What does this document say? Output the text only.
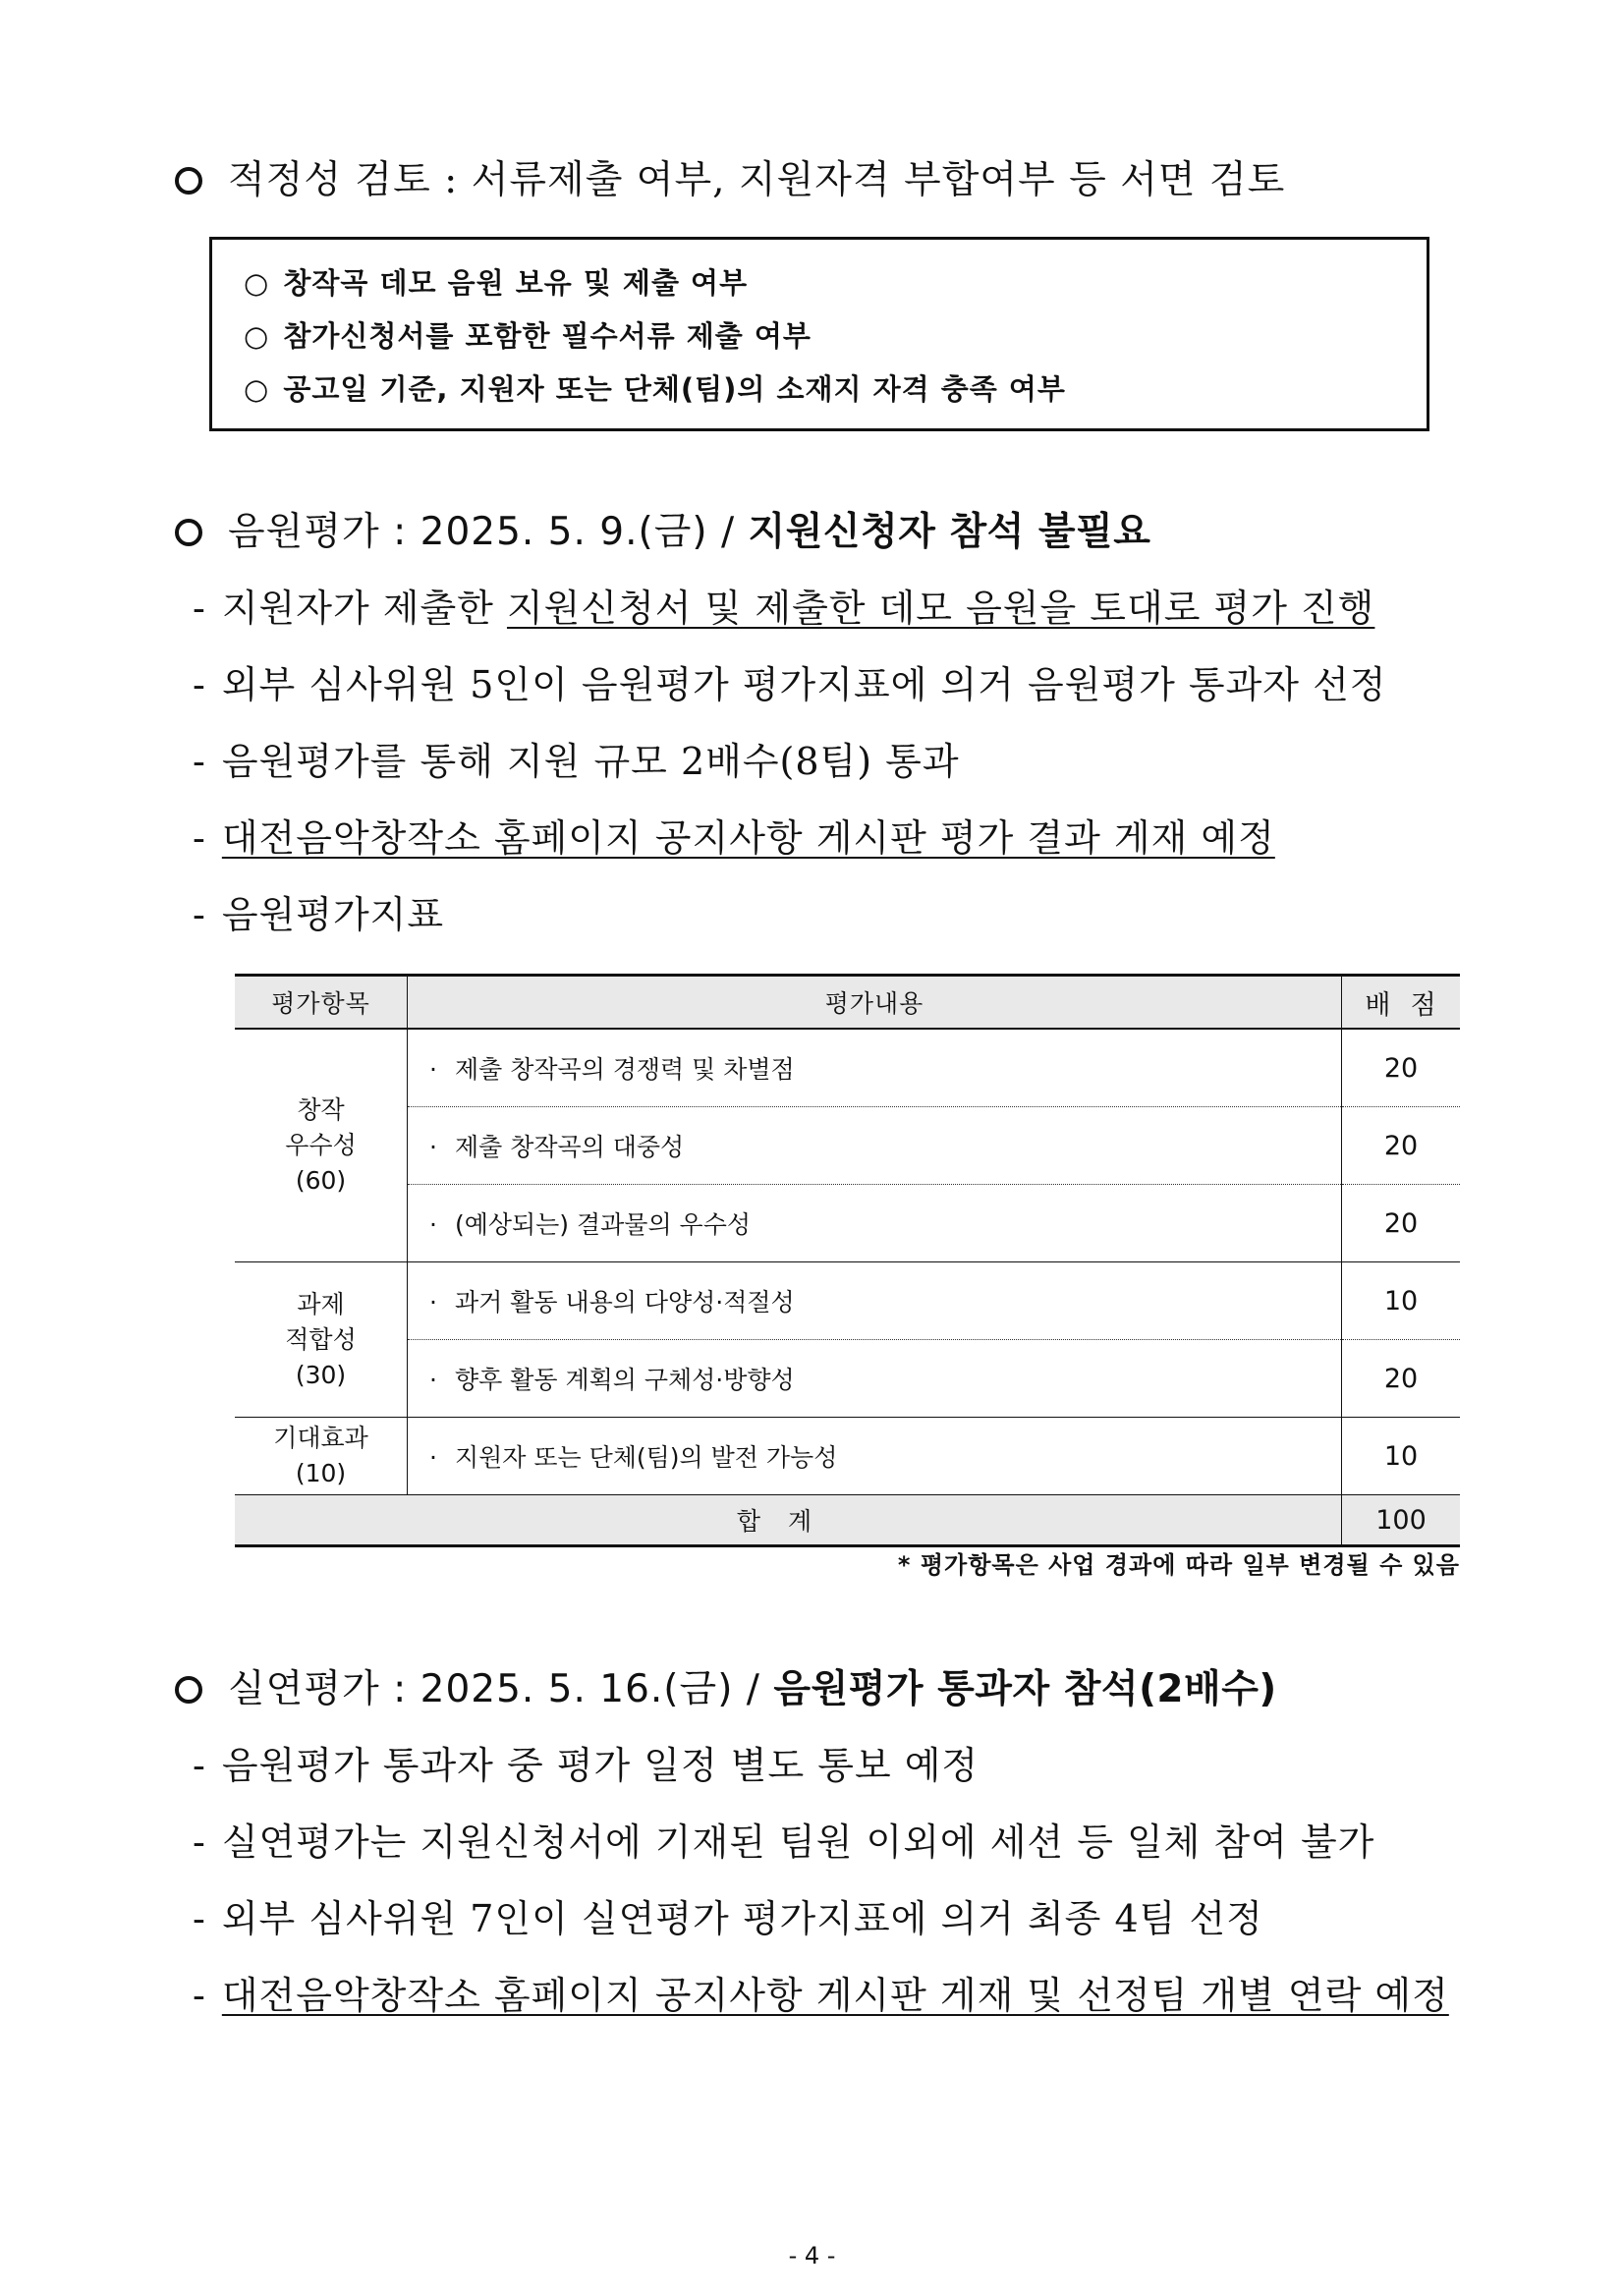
적정성 검토 : 서류제출 여부, 지원자격 부합여부 등 서면 검토
○ 창작곡 데모 음원 보유 및 제출 여부
○ 참가신청서를 포함한 필수서류 제출 여부
○ 공고일 기준, 지원자 또는 단체(팀)의 소재지 자격 충족 여부
음원평가 : 2025. 5. 9.(금) / 지원신청자 참석 불필요
- 지원자가 제출한 지원신청서 및 제출한 데모 음원을 토대로 평가 진행
- 외부 심사위원 5인이 음원평가 평가지표에 의거 음원평가 통과자 선정
- 음원평가를 통해 지원 규모 2배수(8팀) 통과
- 대전음악창작소 홈페이지 공지사항 게시판 평가 결과 게재 예정
- 음원평가지표
평가항목	평가내용	배  점
창작
우수성
(60)	· 제출 창작곡의 경쟁력 및 차별점	20
	· 제출 창작곡의 대중성	20
	· (예상되는) 결과물의 우수성	20
과제
적합성
(30)	· 과거 활동 내용의 다양성·적절성	10
	· 향후 활동 계획의 구체성·방향성	20
기대효과
(10)	· 지원자 또는 단체(팀)의 발전 가능성	10
합계		100
* 평가항목은 사업 경과에 따라 일부 변경될 수 있음
실연평가 : 2025. 5. 16.(금) / 음원평가 통과자 참석(2배수)
- 음원평가 통과자 중 평가 일정 별도 통보 예정
- 실연평가는 지원신청서에 기재된 팀원 이외에 세션 등 일체 참여 불가
- 외부 심사위원 7인이 실연평가 평가지표에 의거 최종 4팀 선정
- 대전음악창작소 홈페이지 공지사항 게시판 게재 및 선정팀 개별 연락 예정
- 4 -
